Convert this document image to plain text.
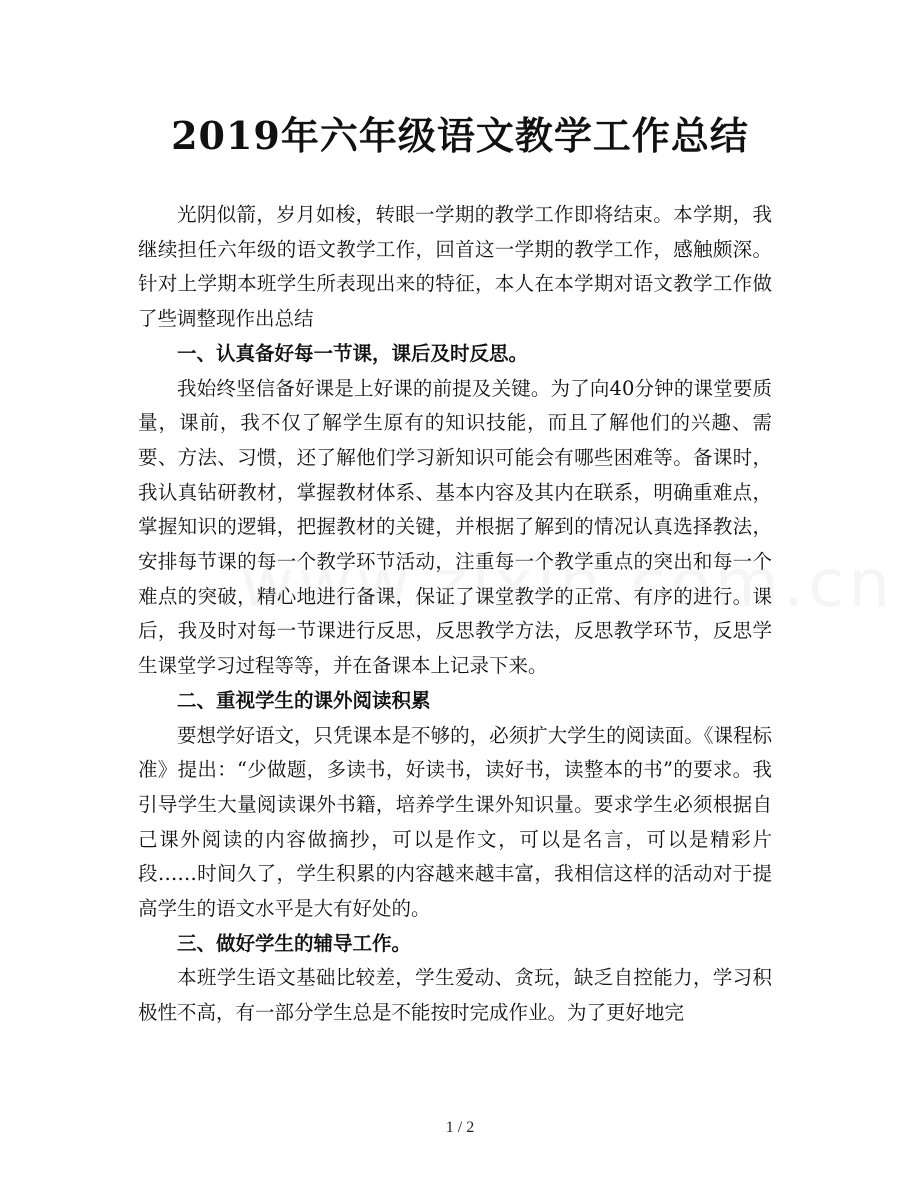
2019年六年级语文教学工作总结

光阴似箭，岁月如梭，转眼一学期的教学工作即将结束。本学期，我继续担任六年级的语文教学工作，回首这一学期的教学工作，感触颇深。针对上学期本班学生所表现出来的特征，本人在本学期对语文教学工作做了些调整现作出总结

一、认真备好每一节课，课后及时反思。

我始终坚信备好课是上好课的前提及关键。为了向40分钟的课堂要质量，课前，我不仅了解学生原有的知识技能，而且了解他们的兴趣、需要、方法、习惯，还了解他们学习新知识可能会有哪些困难等。备课时，我认真钻研教材，掌握教材体系、基本内容及其内在联系，明确重难点，掌握知识的逻辑，把握教材的关键，并根据了解到的情况认真选择教法，安排每节课的每一个教学环节活动，注重每一个教学重点的突出和每一个难点的突破，精心地进行备课，保证了课堂教学的正常、有序的进行。课后，我及时对每一节课进行反思，反思教学方法，反思教学环节，反思学生课堂学习过程等等，并在备课本上记录下来。

二、重视学生的课外阅读积累

要想学好语文，只凭课本是不够的，必须扩大学生的阅读面。《课程标准》提出：“少做题，多读书，好读书，读好书，读整本的书”的要求。我引导学生大量阅读课外书籍，培养学生课外知识量。要求学生必须根据自己课外阅读的内容做摘抄，可以是作文，可以是名言，可以是精彩片段……时间久了，学生积累的内容越来越丰富，我相信这样的活动对于提高学生的语文水平是大有好处的。

三、做好学生的辅导工作。

本班学生语文基础比较差，学生爱动、贪玩，缺乏自控能力，学习积极性不高，有一部分学生总是不能按时完成作业。为了更好地完

1 / 2
